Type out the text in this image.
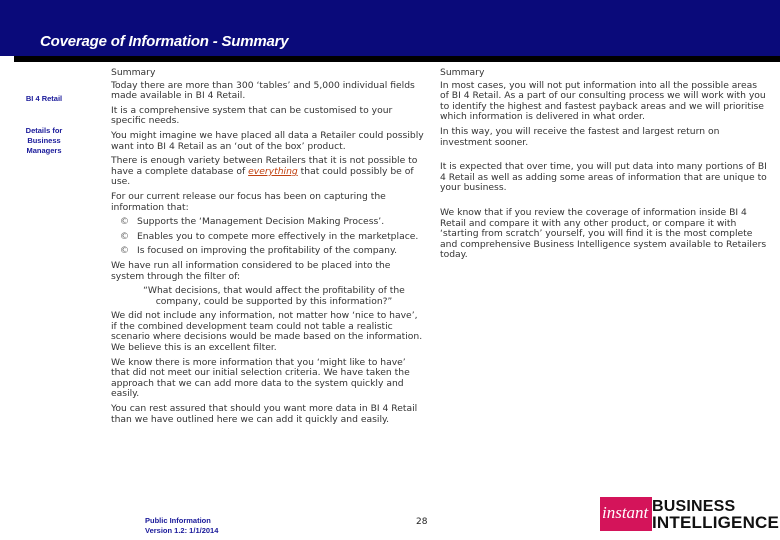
Coverage of Information - Summary
BI 4 Retail
Details for Business Managers

Summary

Today there are more than 300 ‘tables’ and 5,000 individual fields made available in BI 4 Retail.

It is a comprehensive system that can be customised to your specific needs.

You might imagine we have placed all data a Retailer could possibly want into BI 4 Retail as an ‘out of the box’ product.

There is enough variety between Retailers that it is not possible to have a complete database of everything that could possibly be of use.

For our current release our focus has been on capturing the information that:

© Supports the ‘Management Decision Making Process’.
© Enables you to compete more effectively in the marketplace.
© Is focused on improving the profitability of the company.

We have run all information considered to be placed into the system through the filter of:

“What decisions, that would affect the profitability of the company, could be supported by this information?”

We did not include any information, not matter how ‘nice to have’, if the combined development team could not table a realistic scenario where decisions would be made based on the information. We believe this is an excellent filter.

We know there is more information that you ‘might like to have’ that did not meet our initial selection criteria. We have taken the approach that we can add more data to the system quickly and easily.

You can rest assured that should you want more data in BI 4 Retail than we have outlined here we can add it quickly and easily.

Summary

In most cases, you will not put information into all the possible areas of BI 4 Retail. As a part of our consulting process we will work with you to identify the highest and fastest payback areas and we will prioritise which information is delivered in what order.

In this way, you will receive the fastest and largest return on investment sooner.

It is expected that over time, you will put data into many portions of BI 4 Retail as well as adding some areas of information that are unique to your business.

We know that if you review the coverage of information inside BI 4 Retail and compare it with any other product, or compare it with ‘starting from scratch’ yourself, you will find it is the most complete and comprehensive Business Intelligence system available to Retailers today.

Public Information
Version 1.2: 1/1/2014
28	instant BUSINESS
INTELLIGENCE
